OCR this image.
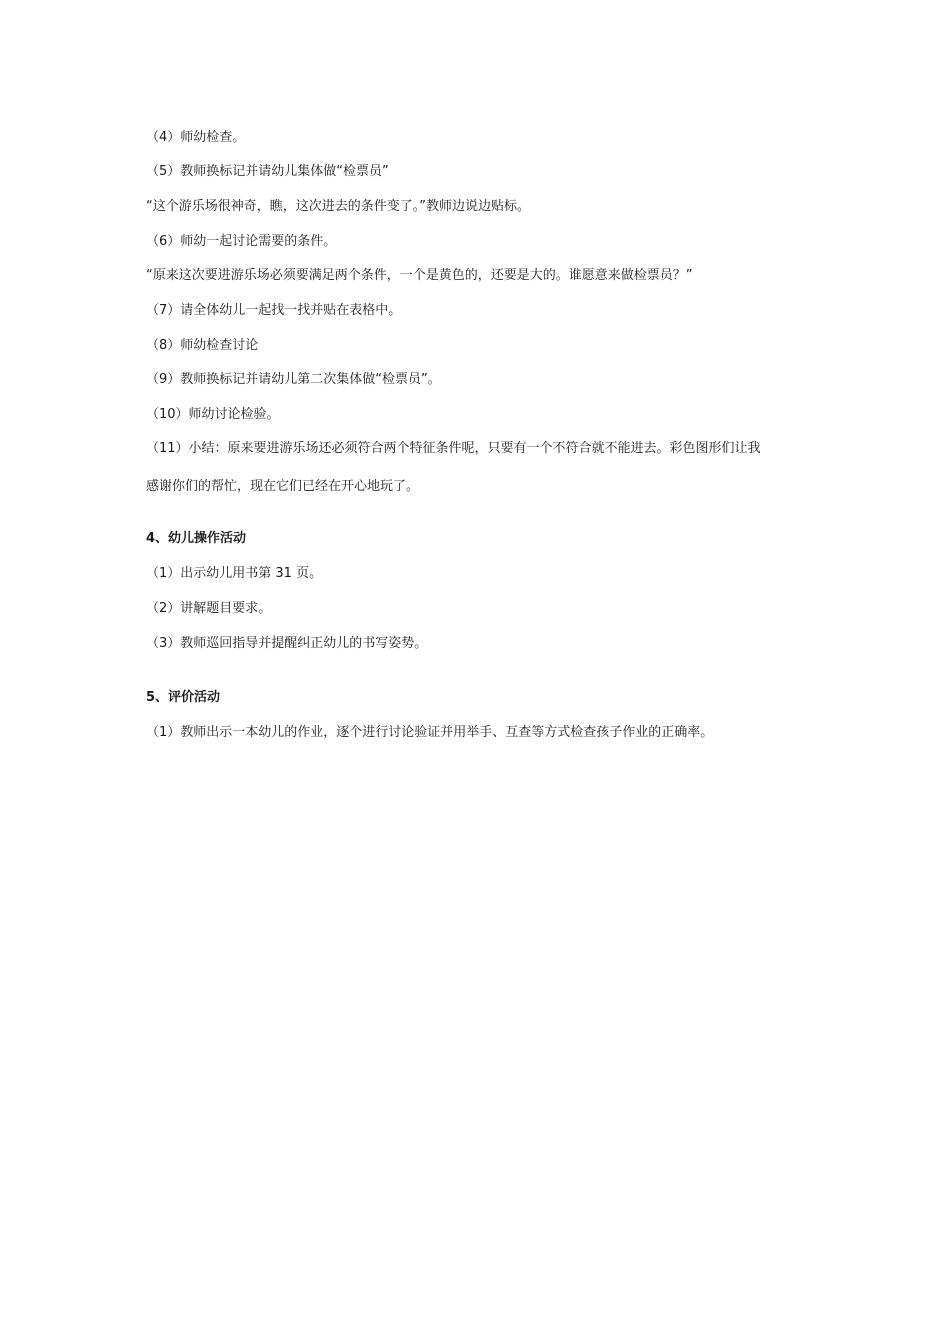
（4）师幼检查。
（5）教师换标记并请幼儿集体做“检票员”
“这个游乐场很神奇，瞧，这次进去的条件变了。”教师边说边贴标。
（6）师幼一起讨论需要的条件。
“原来这次要进游乐场必须要满足两个条件，一个是黄色的，还要是大的。谁愿意来做检票员？”
（7）请全体幼儿一起找一找并贴在表格中。
（8）师幼检查讨论
（9）教师换标记并请幼儿第二次集体做“检票员”。
（10）师幼讨论检验。
（11）小结：原来要进游乐场还必须符合两个特征条件呢，只要有一个不符合就不能进去。彩色图形们让我
感谢你们的帮忙，现在它们已经在开心地玩了。
4、幼儿操作活动
（1）出示幼儿用书第 31 页。
（2）讲解题目要求。
（3）教师巡回指导并提醒纠正幼儿的书写姿势。
5、评价活动
（1）教师出示一本幼儿的作业，逐个进行讨论验证并用举手、互查等方式检查孩子作业的正确率。
